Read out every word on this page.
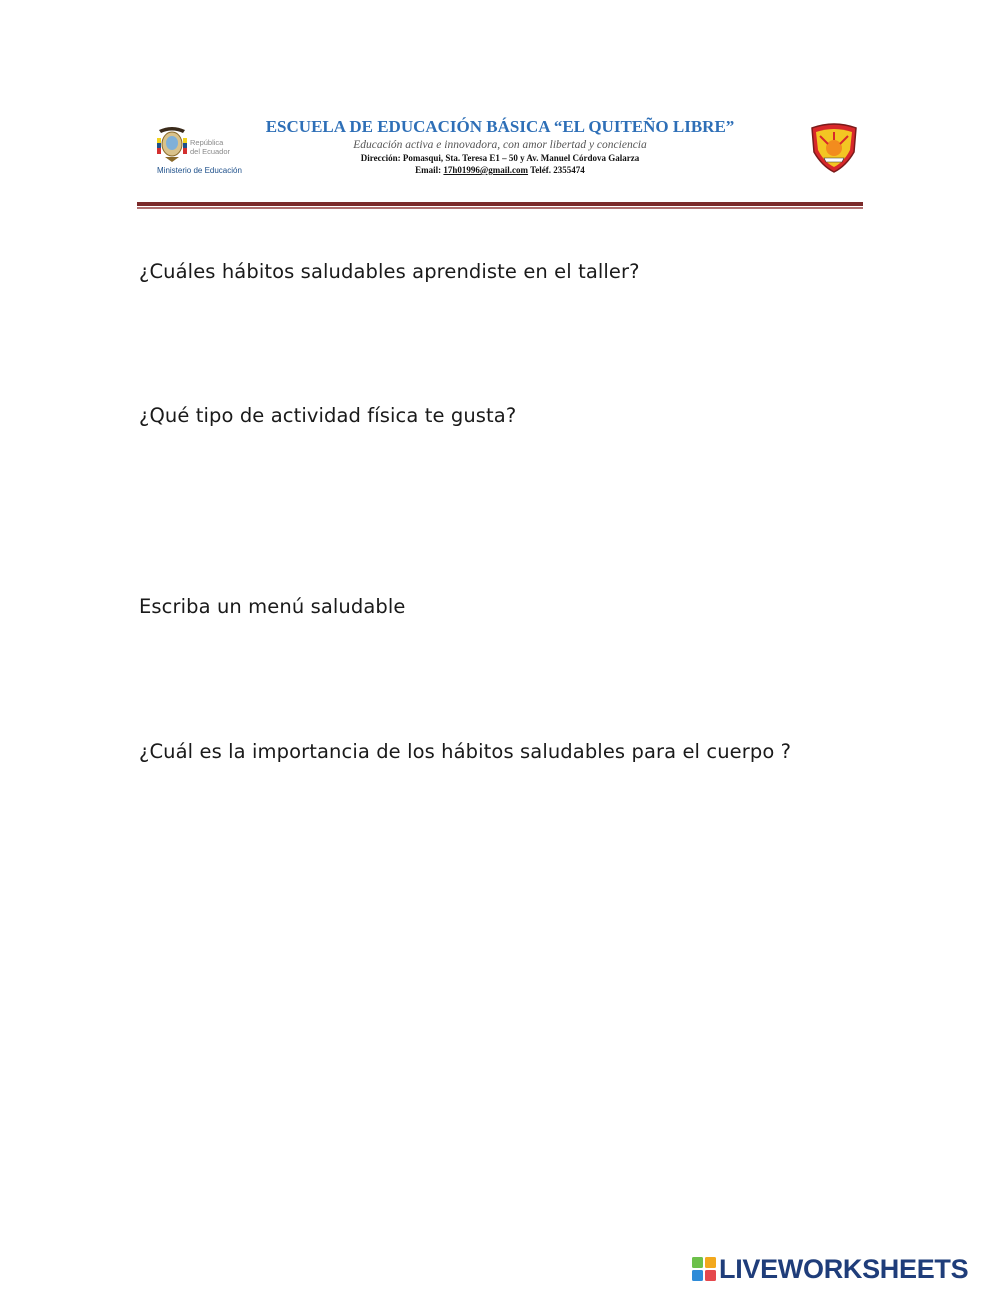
República
del Ecuador
Ministerio de Educación
ESCUELA DE EDUCACIÓN BÁSICA “EL QUITEÑO LIBRE”
Educación activa e innovadora, con amor libertad y conciencia
Dirección: Pomasqui, Sta. Teresa E1 – 50 y Av. Manuel Córdova Galarza
Email: 17h01996@gmail.com Teléf. 2355474
¿Cuáles hábitos saludables aprendiste en el taller?
¿Qué tipo de actividad física te gusta?
Escriba un menú saludable
¿Cuál es la importancia de los hábitos saludables para el cuerpo ?
LIVEWORKSHEETS
